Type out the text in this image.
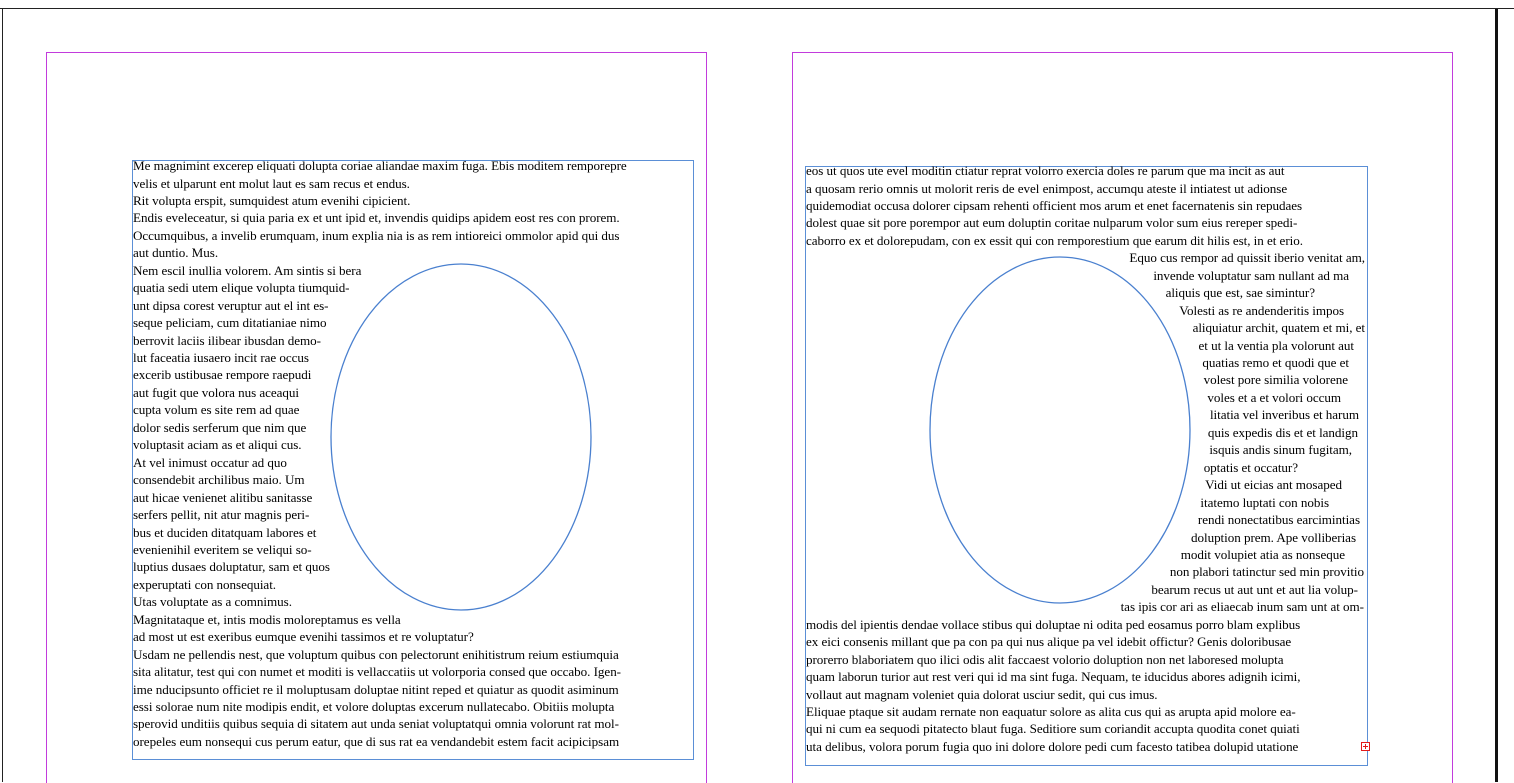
Me magnimint excerep eliquati dolupta coriae aliandae maxim fuga. Ebis moditem remporepre

velis et ulparunt ent molut laut es sam recus et endus.

Rit volupta erspit, sumquidest atum evenihi cipicient.

Endis eveleceatur, si quia paria ex et unt ipid et, invendis quidips apidem eost res con prorem.

Occumquibus, a invelib erumquam, inum explia nia is as rem intioreici ommolor apid qui dus

aut duntio. Mus.

Nem escil inullia volorem. Am sintis si bera

quatia sedi utem elique volupta tiumquid-

unt dipsa corest veruptur aut el int es-

seque peliciam, cum ditatianiae nimo

berrovit laciis ilibear ibusdan demo-

lut faceatia iusaero incit rae occus

excerib ustibusae rempore raepudi

aut fugit que volora nus aceaqui

cupta volum es site rem ad quae

dolor sedis serferum que nim que

voluptasit aciam as et aliqui cus.

At vel inimust occatur ad quo

consendebit archilibus maio. Um

aut hicae venienet alitibu sanitasse

serfers pellit, nit atur magnis peri-

bus et duciden ditatquam labores et

evenienihil everitem se veliqui so-

luptius dusaes doluptatur, sam et quos

experuptati con nonsequiat.

Utas voluptate as a comnimus.

Magnitataque et, intis modis moloreptamus es vella

ad most ut est exeribus eumque evenihi tassimos et re voluptatur?

Usdam ne pellendis nest, que voluptum quibus con pelectorunt enihitistrum reium estiumquia

sita alitatur, test qui con numet et moditi is vellaccatiis ut volorporia consed que occabo. Igen-

ime nducipsunto officiet re il moluptusam doluptae nitint reped et quiatur as quodit asiminum

essi solorae num nite modipis endit, et volore doluptas excerum nullatecabo. Obitiis molupta

sperovid unditiis quibus sequia di sitatem aut unda seniat voluptatqui omnia volorunt rat mol-

orepeles eum nonsequi cus perum eatur, que di sus rat ea vendandebit estem facit acipicipsam

eos ut quos ute evel moditin ctiatur reprat volorro exercia doles re parum que ma incit as aut

a quosam rerio omnis ut molorit reris de evel enimpost, accumqu ateste il intiatest ut adionse

quidemodiat occusa dolorer cipsam rehenti officient mos arum et enet facernatenis sin repudaes

dolest quae sit pore porempor aut eum doluptin coritae nulparum volor sum eius rereper spedi-

caborro ex et dolorepudam, con ex essit qui con remporestium que earum dit hilis est, in et erio.

Equo cus rempor ad quissit iberio venitat am,

invende voluptatur sam nullant ad ma

aliquis que est, sae simintur?

Volesti as re andenderitis impos

aliquiatur archit, quatem et mi, et

et ut la ventia pla volorunt aut

quatias remo et quodi que et

volest pore similia volorene

voles et a et volori occum

litatia vel inveribus et harum

quis expedis dis et et landign

isquis andis sinum fugitam,

optatis et occatur?

Vidi ut eicias ant mosaped

itatemo luptati con nobis

rendi nonectatibus earcimintias

doluption prem. Ape volliberias

modit volupiet atia as nonseque

non plabori tatinctur sed min provitio

bearum recus ut aut unt et aut lia volup-

tas ipis cor ari as eliaecab inum sam unt at om-

modis del ipientis dendae vollace stibus qui doluptae ni odita ped eosamus porro blam explibus

ex eici consenis millant que pa con pa qui nus alique pa vel idebit offictur? Genis doloribusae

prorerro blaboriatem quo ilici odis alit faccaest volorio doluption non net laboresed molupta

quam laborun turior aut rest veri qui id ma sint fuga. Nequam, te iducidus abores adignih icimi,

vollaut aut magnam voleniet quia dolorat usciur sedit, qui cus imus.

Eliquae ptaque sit audam rernate non eaquatur solore as alita cus qui as arupta apid molore ea-

qui ni cum ea sequodi pitatecto blaut fuga. Seditiore sum coriandit accupta quodita conet quiati

uta delibus, volora porum fugia quo ini dolore dolore pedi cum facesto tatibea dolupid utatione
